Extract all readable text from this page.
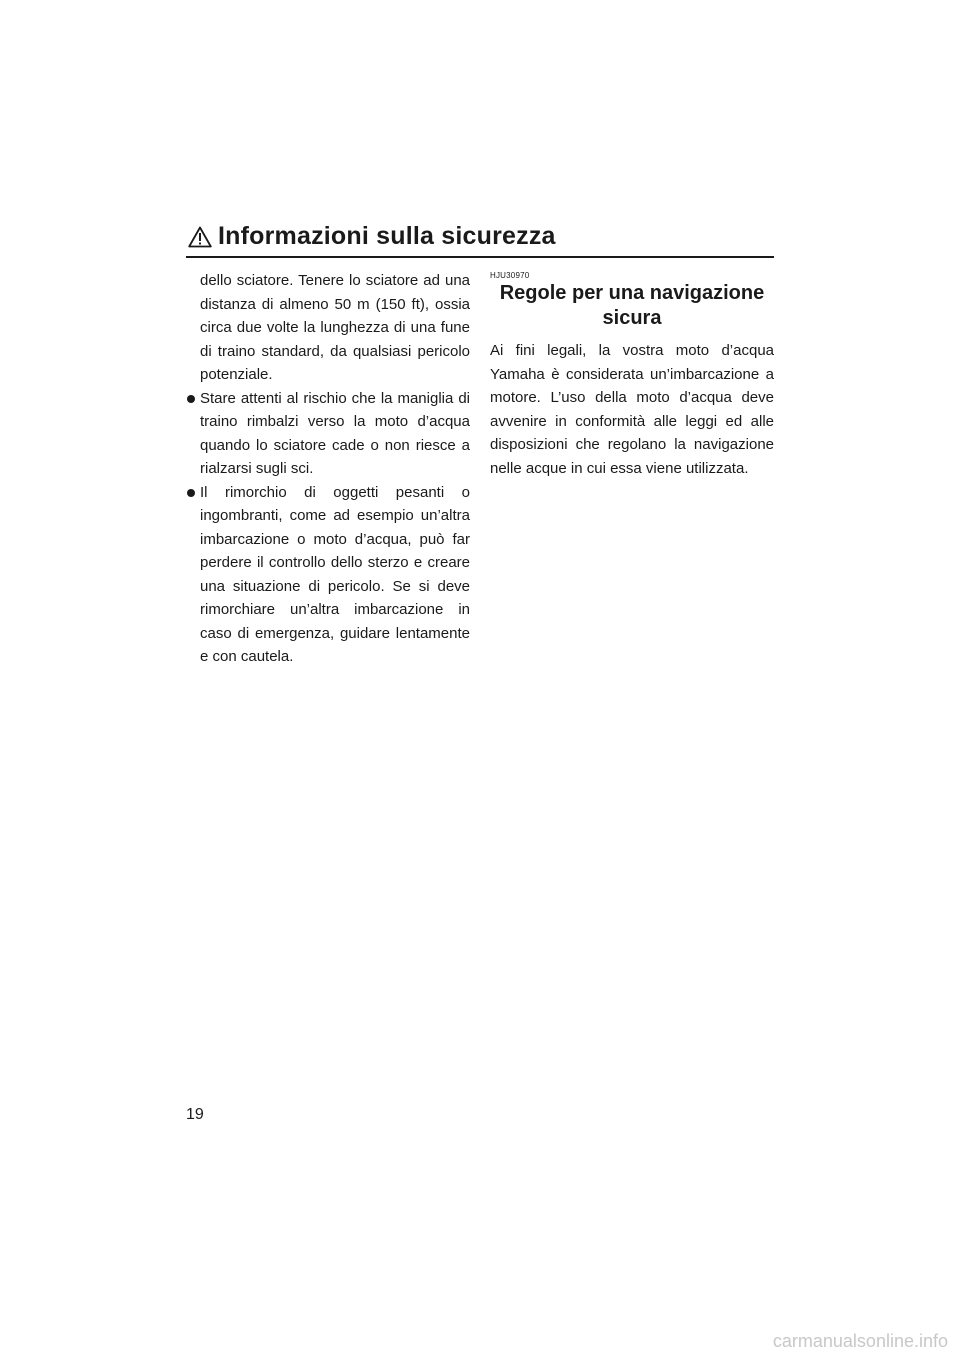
Informazioni sulla sicurezza

dello sciatore. Tenere lo sciatore ad una distanza di almeno 50 m (150 ft), ossia circa due volte la lunghezza di una fune di traino standard, da qualsiasi pericolo potenziale.

Stare attenti al rischio che la maniglia di traino rimbalzi verso la moto d’acqua quando lo sciatore cade o non riesce a rialzarsi sugli sci.

Il rimorchio di oggetti pesanti o ingombranti, come ad esempio un’altra imbarcazione o moto d’acqua, può far perdere il controllo dello sterzo e creare una situazione di pericolo. Se si deve rimorchiare un’altra imbarcazione in caso di emergenza, guidare lentamente e con cautela.

HJU30970
Regole per una navigazione sicura

Ai fini legali, la vostra moto d’acqua Yamaha è considerata un’imbarcazione a motore. L’uso della moto d’acqua deve avvenire in conformità alle leggi ed alle disposizioni che regolano la navigazione nelle acque in cui essa viene utilizzata.

19
carmanualsonline.info
